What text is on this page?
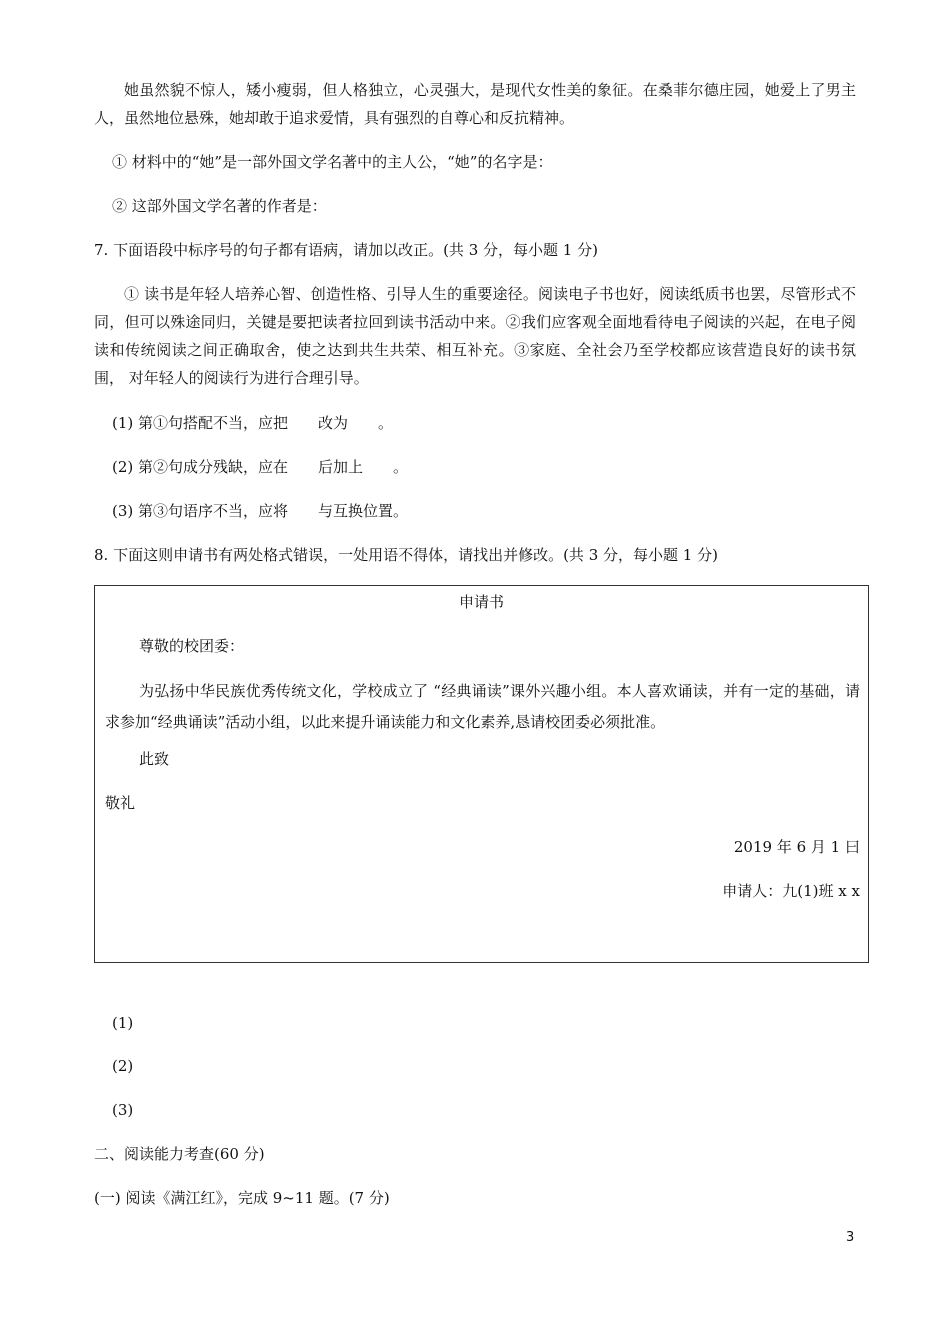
她虽然貌不惊人，矮小瘦弱，但人格独立，心灵强大，是现代女性美的象征。在桑菲尔德庄园，她爱上了男主人，虽然地位悬殊，她却敢于追求爱情，具有强烈的自尊心和反抗精神。
① 材料中的“她”是一部外国文学名著中的主人公，“她”的名字是：
② 这部外国文学名著的作者是：
7. 下面语段中标序号的句子都有语病，请加以改正。(共 3 分，每小题 1 分)
① 读书是年轻人培养心智、创造性格、引导人生的重要途径。阅读电子书也好，阅读纸质书也罢，尽管形式不同，但可以殊途同归，关键是要把读者拉回到读书活动中来。②我们应客观全面地看待电子阅读的兴起，在电子阅读和传统阅读之间正确取舍，使之达到共生共荣、相互补充。③家庭、全社会乃至学校都应该营造良好的读书氛围， 对年轻人的阅读行为进行合理引导。
(1) 第①句搭配不当，应把　　改为　　。
(2) 第②句成分残缺，应在　　后加上　　。
(3) 第③句语序不当，应将　　与互换位置。
8. 下面这则申请书有两处格式错误，一处用语不得体，请找出并修改。(共 3 分，每小题 1 分)
申请书
尊敬的校团委：
为弘扬中华民族优秀传统文化，学校成立了 “经典诵读”课外兴趣小组。本人喜欢诵读，并有一定的基础，请求参加“经典诵读”活动小组，以此来提升诵读能力和文化素养,恳请校团委必须批准。
此致
敬礼
2019 年 6 月 1 曰
申请人：九(1)班 x x
(1)
(2)
(3)
二、阅读能力考查(60 分)
(一) 阅读《满江红》，完成 9~11 题。(7 分)
3
